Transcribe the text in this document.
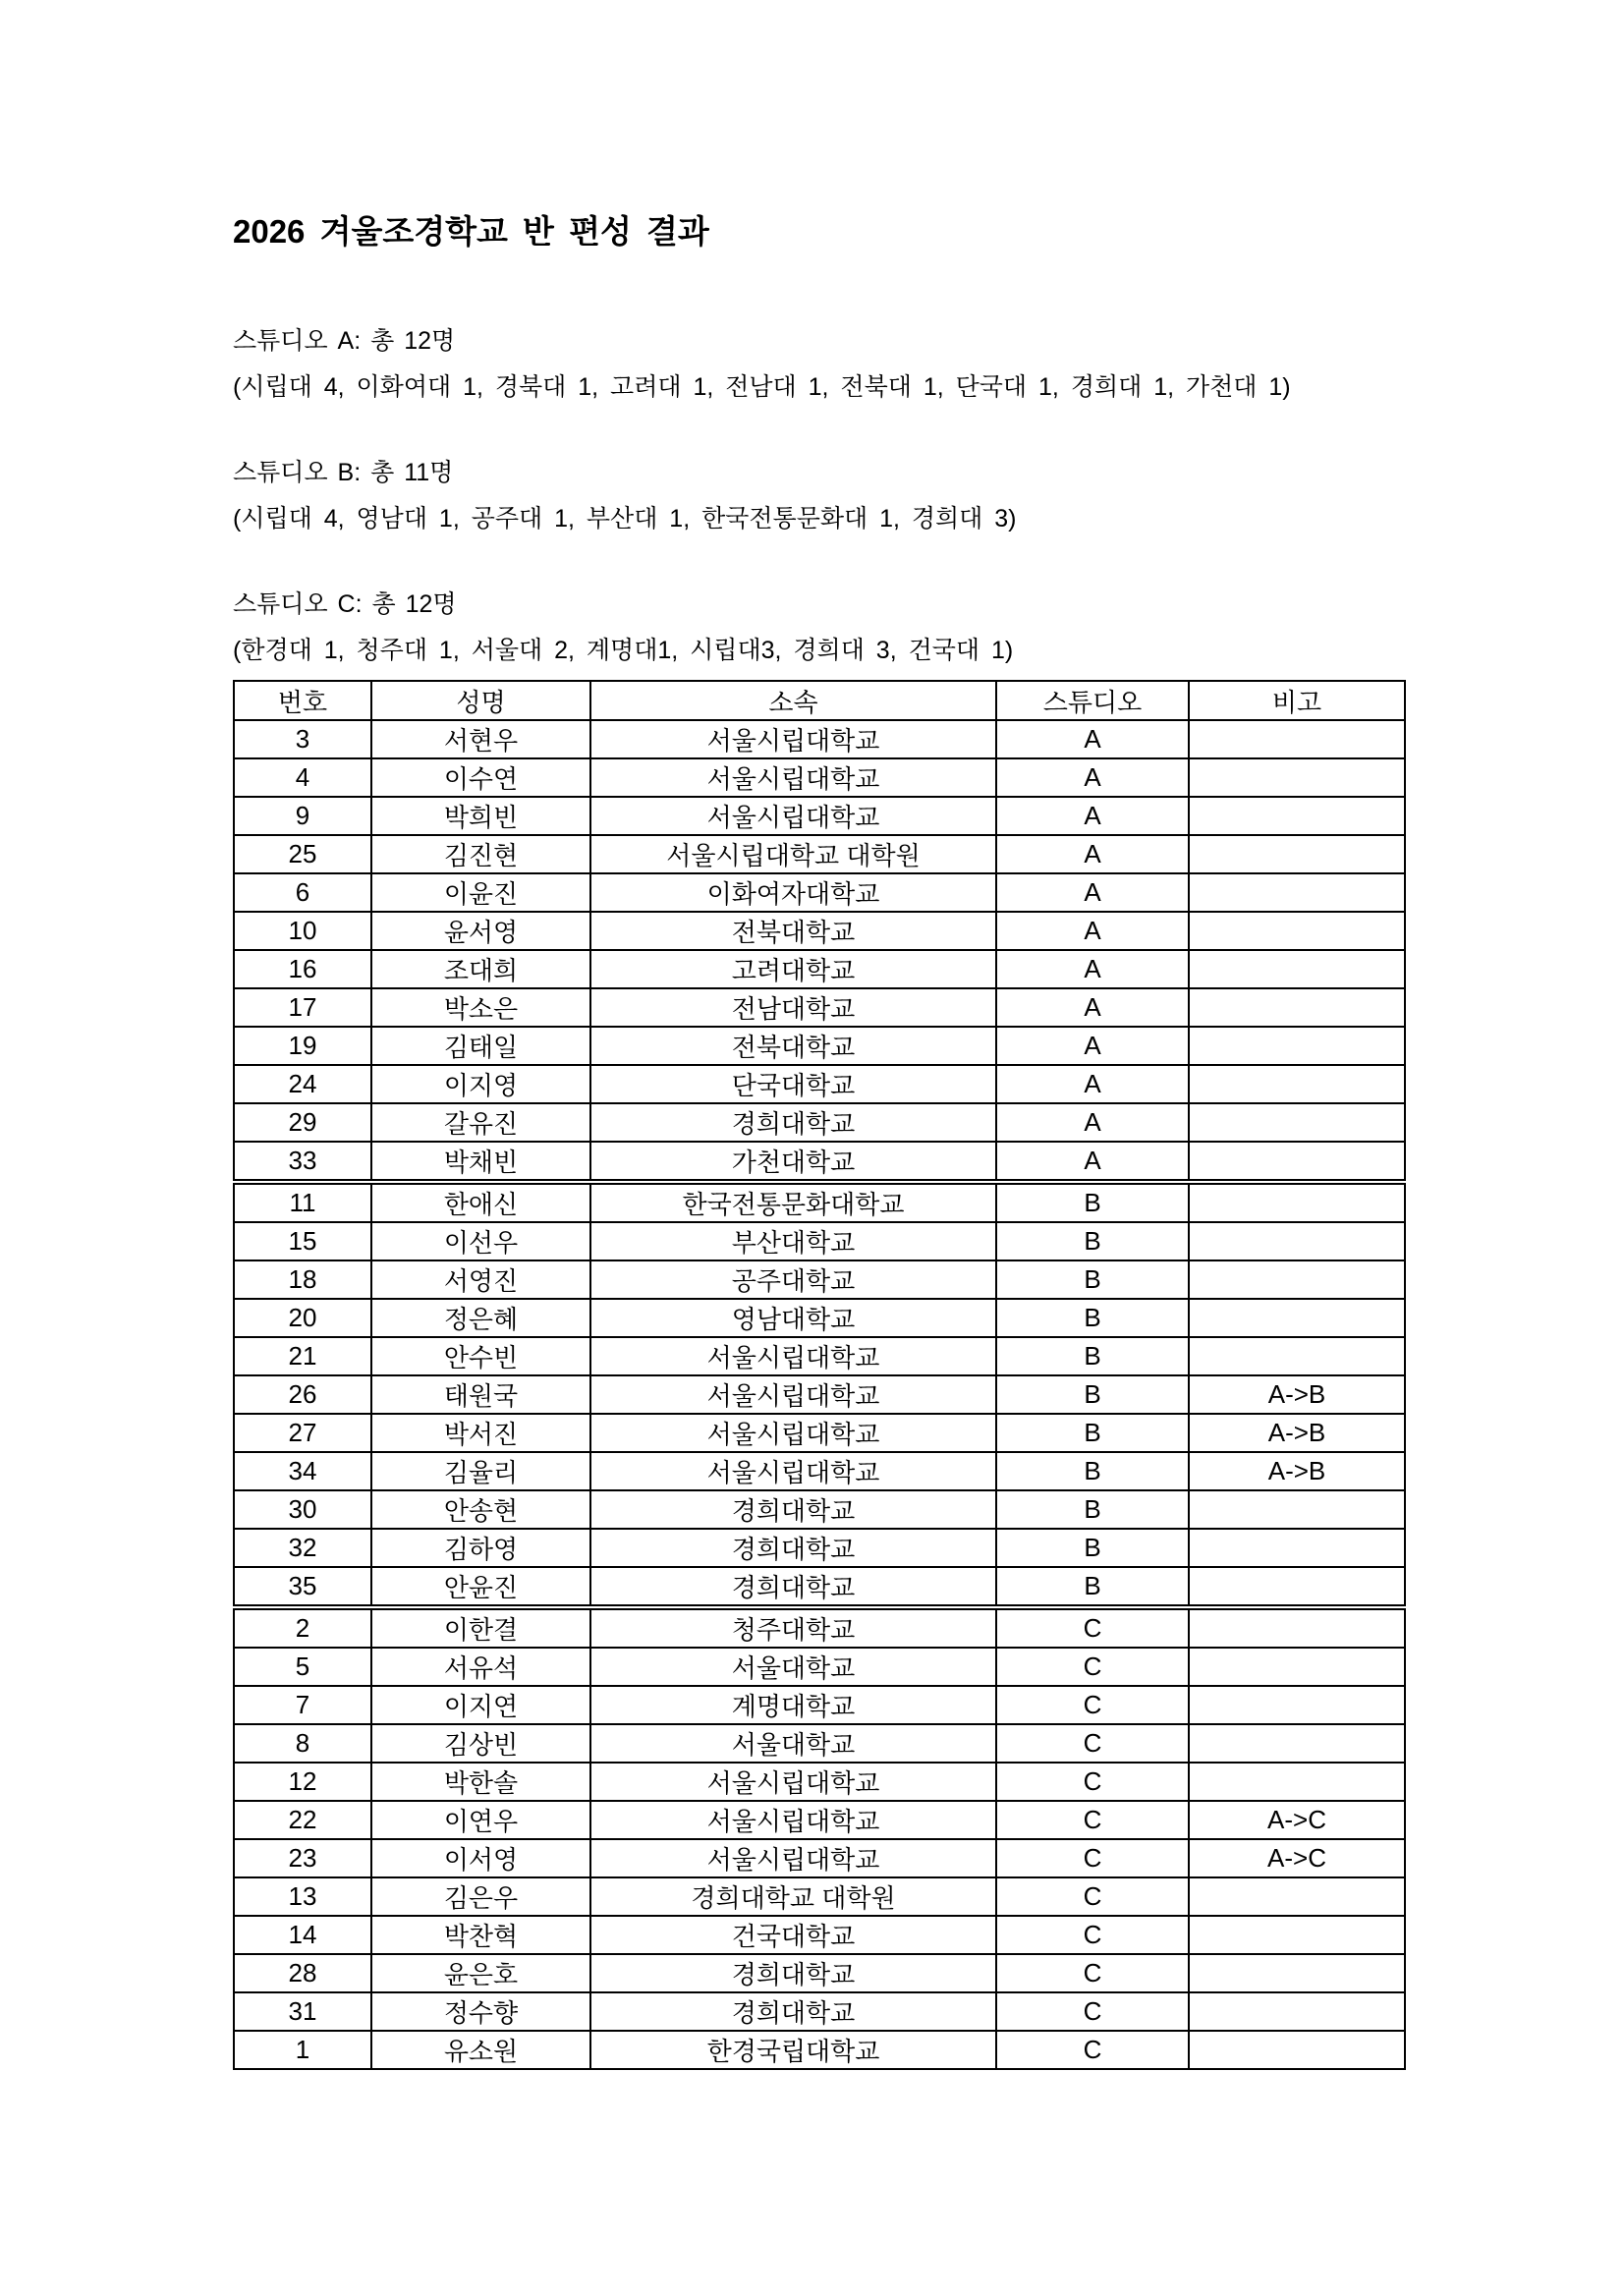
2026 겨울조경학교 반 편성 결과

스튜디오 A: 총 12명

(시립대 4, 이화여대 1, 경북대 1, 고려대 1, 전남대 1, 전북대 1, 단국대 1, 경희대 1, 가천대 1)

스튜디오 B: 총 11명

(시립대 4, 영남대 1, 공주대 1, 부산대 1, 한국전통문화대 1, 경희대 3)

스튜디오 C: 총 12명

(한경대 1, 청주대 1, 서울대 2, 계명대1, 시립대3, 경희대 3, 건국대 1)

번호	성명	소속	스튜디오	비고
3	서현우	서울시립대학교	A	
4	이수연	서울시립대학교	A	
9	박희빈	서울시립대학교	A	
25	김진현	서울시립대학교 대학원	A	
6	이윤진	이화여자대학교	A	
10	윤서영	전북대학교	A	
16	조대희	고려대학교	A	
17	박소은	전남대학교	A	
19	김태일	전북대학교	A	
24	이지영	단국대학교	A	
29	갈유진	경희대학교	A	
33	박채빈	가천대학교	A	
11	한애신	한국전통문화대학교	B	
15	이선우	부산대학교	B	
18	서영진	공주대학교	B	
20	정은혜	영남대학교	B	
21	안수빈	서울시립대학교	B	
26	태원국	서울시립대학교	B	A->B
27	박서진	서울시립대학교	B	A->B
34	김율리	서울시립대학교	B	A->B
30	안송현	경희대학교	B	
32	김하영	경희대학교	B	
35	안윤진	경희대학교	B	
2	이한결	청주대학교	C	
5	서유석	서울대학교	C	
7	이지연	계명대학교	C	
8	김상빈	서울대학교	C	
12	박한솔	서울시립대학교	C	
22	이연우	서울시립대학교	C	A->C
23	이서영	서울시립대학교	C	A->C
13	김은우	경희대학교 대학원	C	
14	박찬혁	건국대학교	C	
28	윤은호	경희대학교	C	
31	정수향	경희대학교	C	
1	유소원	한경국립대학교	C	
